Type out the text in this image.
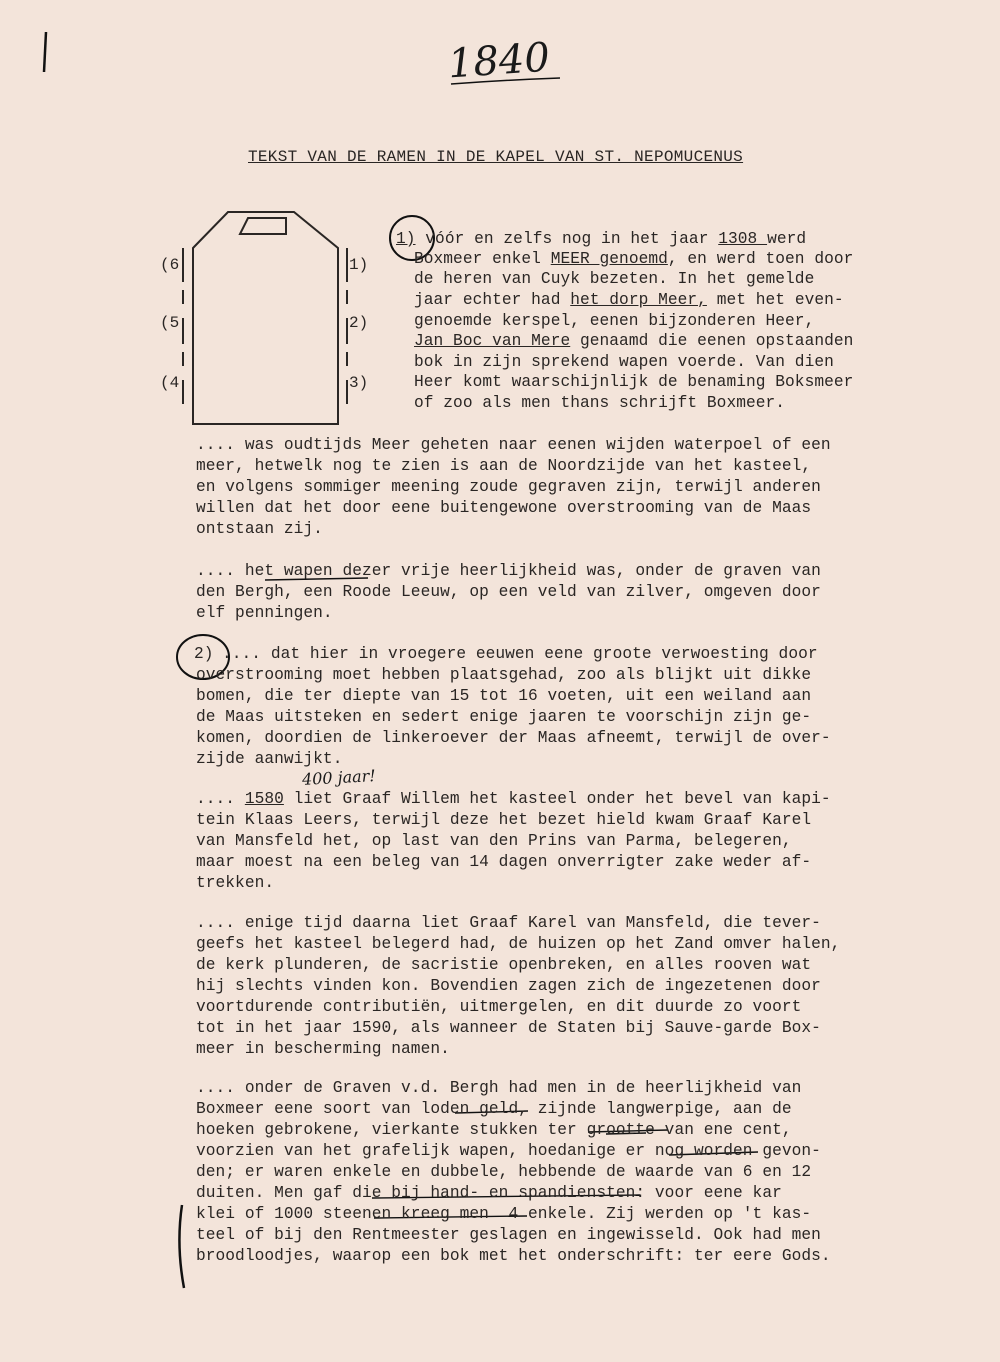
1840
TEKST VAN DE RAMEN IN DE KAPEL VAN ST. NEPOMUCENUS
(6
(5
(4
1)
2)
3)
1) vóór en zelfs nog in het jaar 1308 werd
Boxmeer enkel MEER genoemd, en werd toen door
de heren van Cuyk bezeten. In het gemelde
jaar echter had het dorp Meer, met het even-
genoemde kerspel, eenen bijzonderen Heer,
Jan Boc van Mere genaamd die eenen opstaanden
bok in zijn sprekend wapen voerde. Van dien
Heer komt waarschijnlijk de benaming Boksmeer
of zoo als men thans schrijft Boxmeer.
.... was oudtijds Meer geheten naar eenen wijden waterpoel of een
meer, hetwelk nog te zien is aan de Noordzijde van het kasteel,
en volgens sommiger meening zoude gegraven zijn, terwijl anderen
willen dat het door eene buitengewone overstrooming van de Maas
ontstaan zij.
.... het wapen dezer vrije heerlijkheid was, onder de graven van
den Bergh, een Roode Leeuw, op een veld van zilver, omgeven door
elf penningen.
2) .... dat hier in vroegere eeuwen eene groote verwoesting door
overstrooming moet hebben plaatsgehad, zoo als blijkt uit dikke
bomen, die ter diepte van 15 tot 16 voeten, uit een weiland aan
de Maas uitsteken en sedert enige jaaren te voorschijn zijn ge-
komen, doordien de linkeroever der Maas afneemt, terwijl de over-
zijde aanwijkt.
400 jaar!
.... 1580 liet Graaf Willem het kasteel onder het bevel van kapi-
tein Klaas Leers, terwijl deze het bezet hield kwam Graaf Karel
van Mansfeld het, op last van den Prins van Parma, belegeren,
maar moest na een beleg van 14 dagen onverrigter zake weder af-
trekken.
.... enige tijd daarna liet Graaf Karel van Mansfeld, die tever-
geefs het kasteel belegerd had, de huizen op het Zand omver halen,
de kerk plunderen, de sacristie openbreken, en alles rooven wat
hij slechts vinden kon. Bovendien zagen zich de ingezetenen door
voortdurende contributiën, uitmergelen, en dit duurde zo voort
tot in het jaar 1590, als wanneer de Staten bij Sauve-garde Box-
meer in bescherming namen.
.... onder de Graven v.d. Bergh had men in de heerlijkheid van
Boxmeer eene soort van loden geld, zijnde langwerpige, aan de
hoeken gebrokene, vierkante stukken ter grootte van ene cent,
voorzien van het grafelijk wapen, hoedanige er nog worden gevon-
den; er waren enkele en dubbele, hebbende de waarde van 6 en 12
duiten. Men gaf die bij hand- en spandiensten: voor eene kar
klei of 1000 steenen kreeg men  4 enkele. Zij werden op 't kas-
teel of bij den Rentmeester geslagen en ingewisseld. Ook had men
broodloodjes, waarop een bok met het onderschrift: ter eere Gods.
